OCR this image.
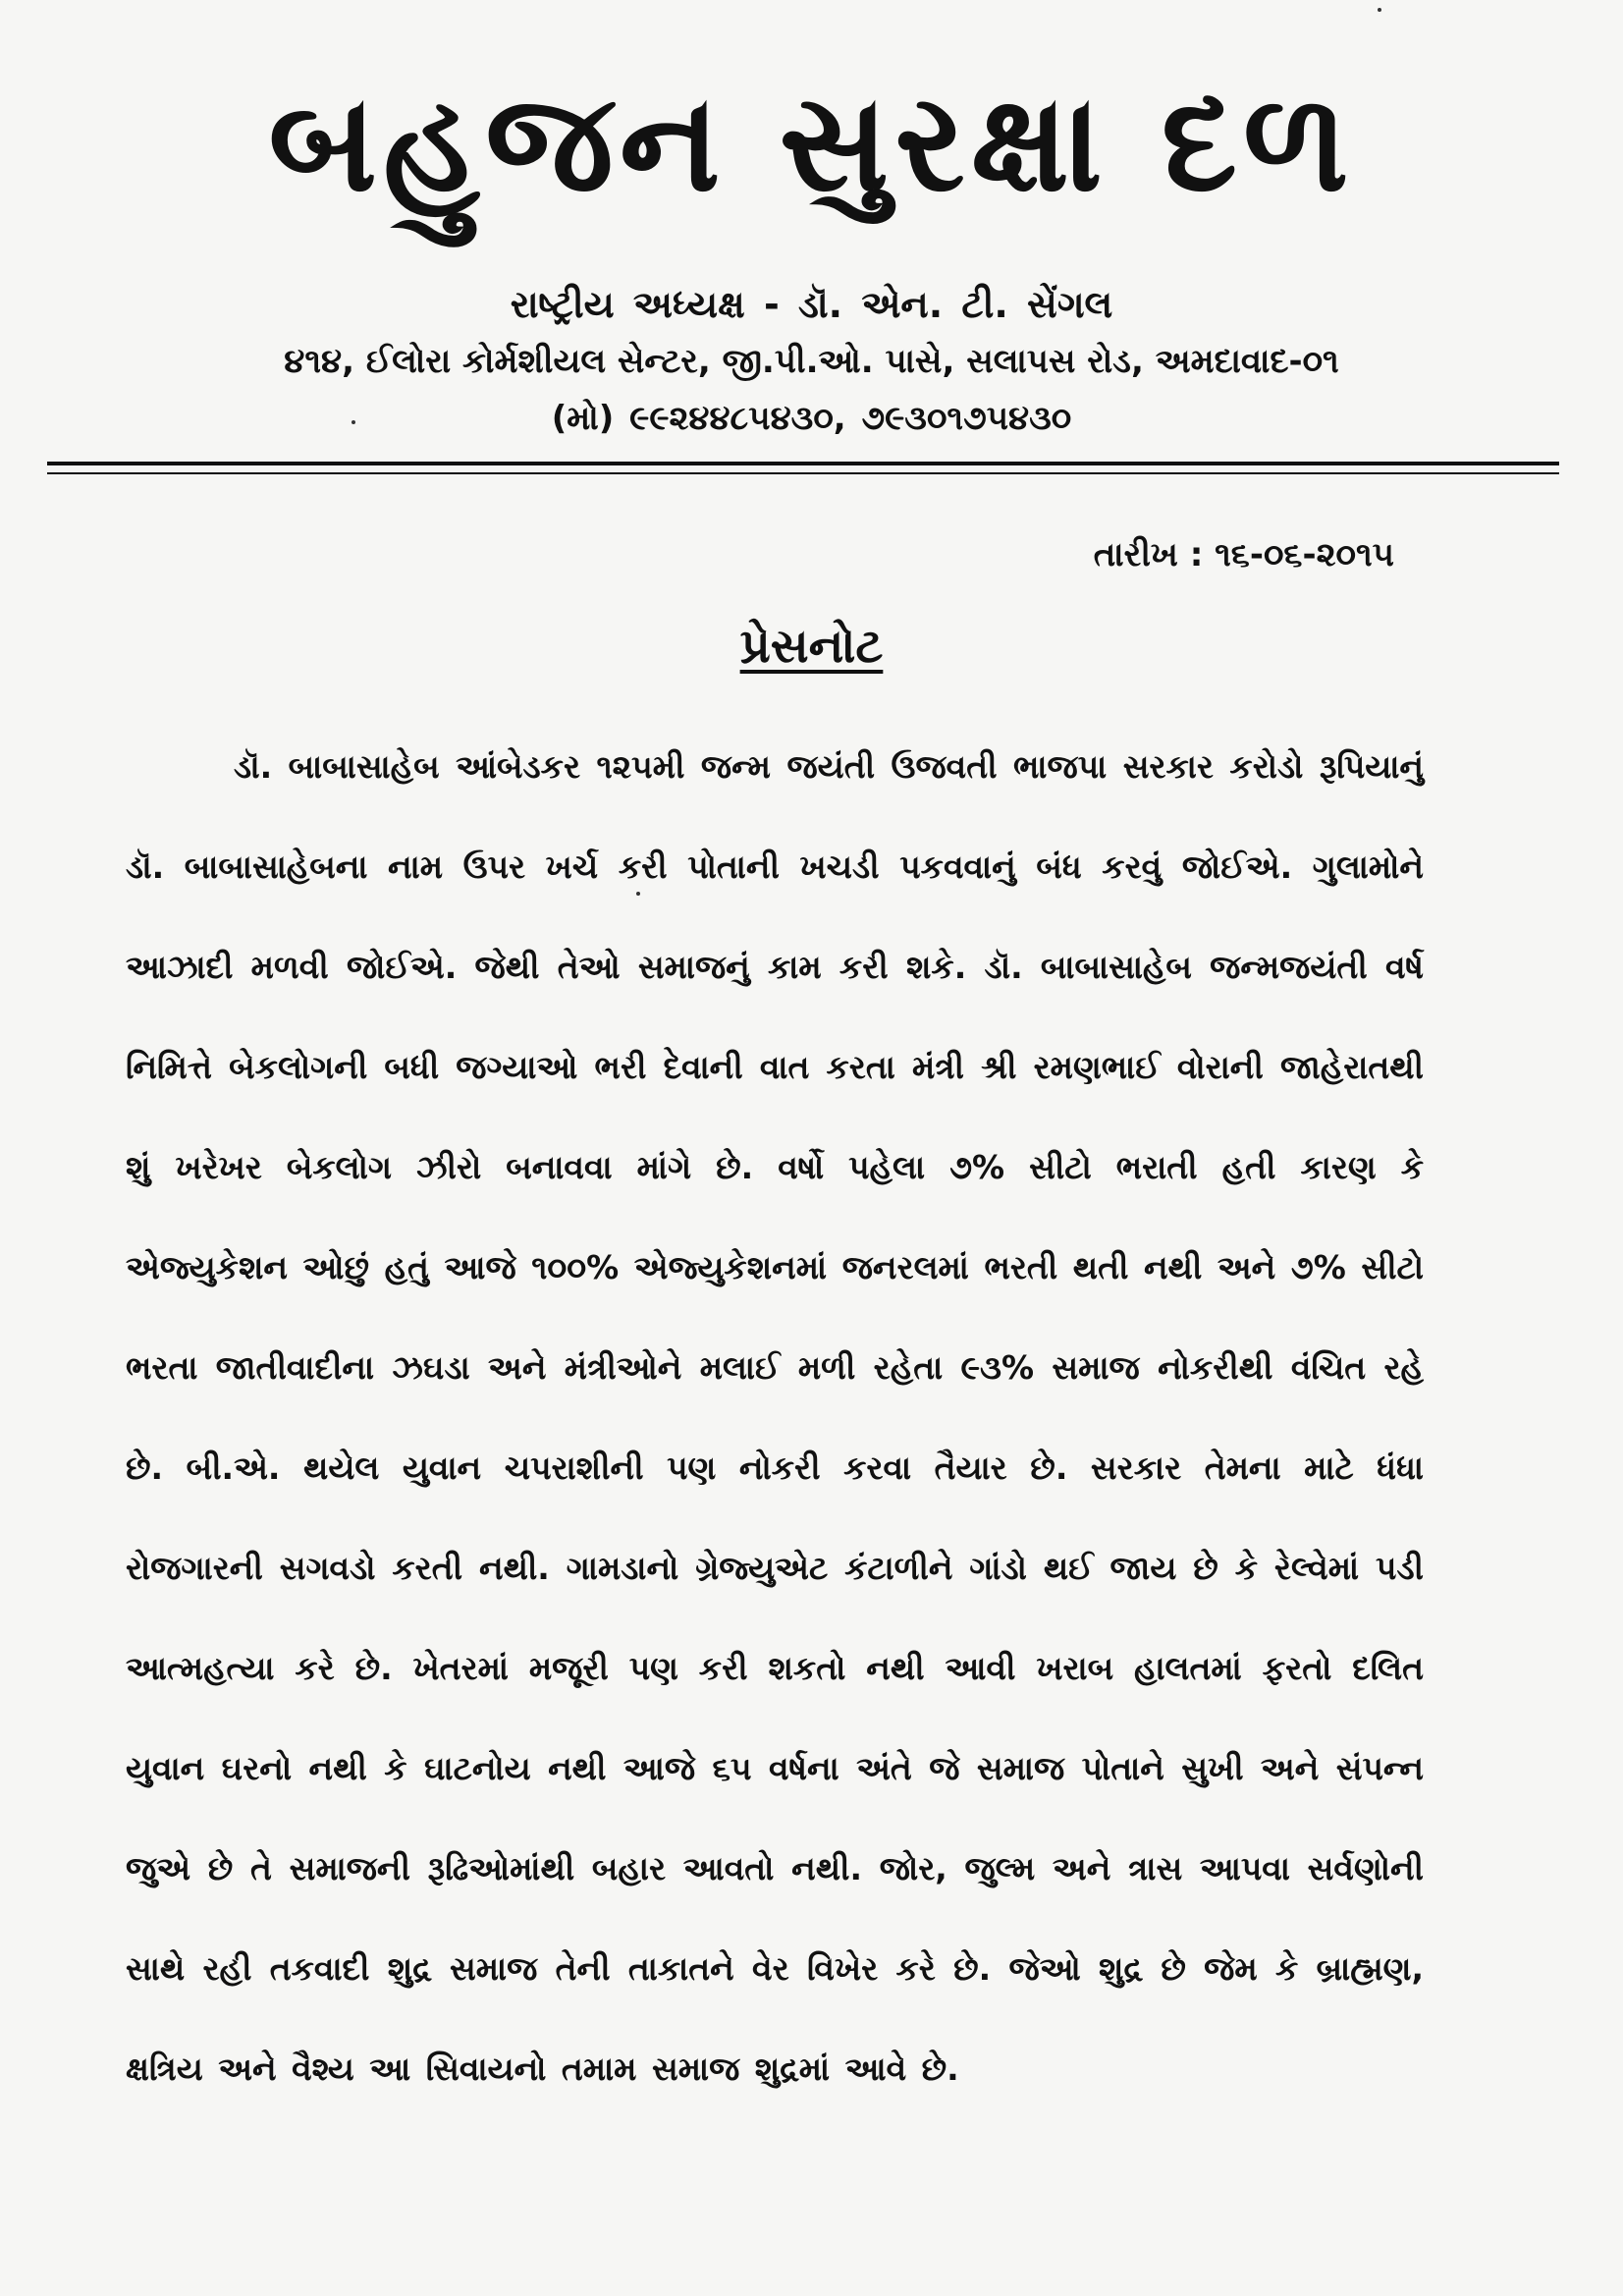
બહુજન સુરક્ષા દળ
રાષ્ટ્રીય અધ્યક્ષ - ડૉ. એન. ટી. સેંગલ
૪૧૪, ઈલોરા કોર્મશીયલ સેન્ટર, જી.પી.ઓ. પાસે, સલાપસ રોડ, અમદાવાદ-૦૧
(મો) ૯૯૨૪૪૮૫૪૩૦, ૭૯૩૦૧૭૫૪૩૦
તારીખ : ૧૬-૦૬-૨૦૧૫
પ્રેસનોટ

ડૉ. બાબાસાહેબ આંબેડકર ૧૨૫મી જન્મ જયંતી ઉજવતી ભાજપા સરકાર કરોડો રૂપિયાનું ડૉ. બાબાસાહેબના નામ ઉપર ખર્ચ કરી પોતાની ખચડી પકવવાનું બંધ કરવું જોઈએ. ગુલામોને આઝાદી મળવી જોઈએ. જેથી તેઓ સમાજનું કામ કરી શકે. ડૉ. બાબાસાહેબ જન્મજયંતી વર્ષ નિમિત્તે બેકલોગની બધી જગ્યાઓ ભરી દેવાની વાત કરતા મંત્રી શ્રી રમણભાઈ વોરાની જાહેરાતથી શું ખરેખર બેકલોગ ઝીરો બનાવવા માંગે છે. વર્ષો પહેલા ૭% સીટો ભરાતી હતી કારણ કે એજ્યુકેશન ઓછું હતું આજે ૧૦૦% એજ્યુકેશનમાં જનરલમાં ભરતી થતી નથી અને ૭% સીટો ભરતા જાતીવાદીના ઝઘડા અને મંત્રીઓને મલાઈ મળી રહેતા ૯૩% સમાજ નોકરીથી વંચિત રહે છે. બી.એ. થયેલ યુવાન ચપરાશીની પણ નોકરી કરવા તૈયાર છે. સરકાર તેમના માટે ધંધા રોજગારની સગવડો કરતી નથી. ગામડાનો ગ્રેજ્યુએટ કંટાળીને ગાંડો થઈ જાય છે કે રેલ્વેમાં પડી આત્મહત્યા કરે છે. ખેતરમાં મજૂરી પણ કરી શકતો નથી આવી ખરાબ હાલતમાં ફરતો દલિત યુવાન ઘરનો નથી કે ઘાટનોય નથી આજે ૬૫ વર્ષના અંતે જે સમાજ પોતાને સુખી અને સંપન્ન જુએ છે તે સમાજની રૂઢિઓમાંથી બહાર આવતો નથી. જોર, જુલ્મ અને ત્રાસ આપવા સર્વણોની સાથે રહી તકવાદી શુદ્ર સમાજ તેની તાકાતને વેર વિખેર કરે છે. જેઓ શુદ્ર છે જેમ કે બ્રાહ્મણ, ક્ષત્રિય અને વૈશ્ય આ સિવાયનો તમામ સમાજ શુદ્રમાં આવે છે.
